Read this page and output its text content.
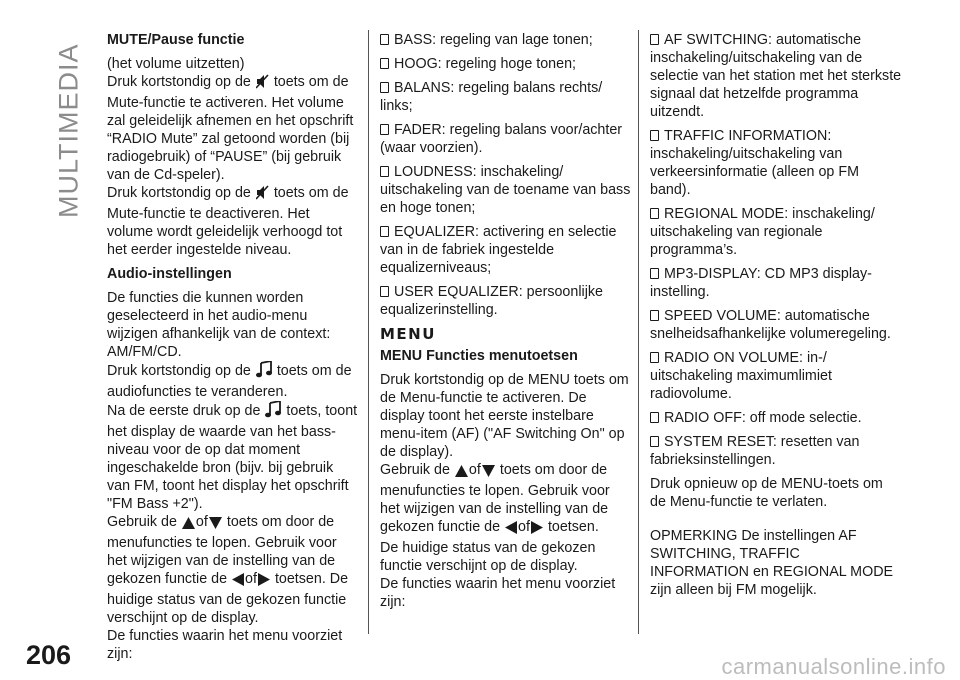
MULTIMEDIA
MUTE/Pause functie

(het volume uitzetten)

Druk kortstondig op de toets om de Mute-functie te activeren. Het volume zal geleidelijk afnemen en het opschrift “RADIO Mute” zal getoond worden (bij radiogebruik) of “PAUSE” (bij gebruik van de Cd-speler).

Druk kortstondig op de toets om de Mute-functie te deactiveren. Het volume wordt geleidelijk verhoogd tot het eerder ingestelde niveau.

Audio-instellingen

De functies die kunnen worden geselecteerd in het audio-menu wijzigen afhankelijk van de context: AM/FM/CD.

Druk kortstondig op de toets om de audiofuncties te veranderen.

Na de eerste druk op de toets, toont het display de waarde van het bass-niveau voor de op dat moment ingeschakelde bron (bijv. bij gebruik van FM, toont het display het opschrift "FM Bass +2").

Gebruik de of toets om door de menufuncties te lopen. Gebruik voor het wijzigen van de instelling van de gekozen functie de of toetsen. De huidige status van de gekozen functie verschijnt op de display.

De functies waarin het menu voorziet zijn:

BASS: regeling van lage tonen;

HOOG: regeling hoge tonen;

BALANS: regeling balans rechts/ links;

FADER: regeling balans voor/achter (waar voorzien).

LOUDNESS: inschakeling/ uitschakeling van de toename van bass en hoge tonen;

EQUALIZER: activering en selectie van in de fabriek ingestelde equalizerniveaus;

USER EQUALIZER: persoonlijke equalizerinstelling.

MENU
MENU Functies menutoetsen

Druk kortstondig op de MENU toets om de Menu-functie te activeren. De display toont het eerste instelbare menu-item (AF) ("AF Switching On" op de display).

Gebruik de of toets om door de menufuncties te lopen. Gebruik voor het wijzigen van de instelling van de gekozen functie de of toetsen.

De huidige status van de gekozen functie verschijnt op de display.

De functies waarin het menu voorziet zijn:

AF SWITCHING: automatische inschakeling/uitschakeling van de selectie van het station met het sterkste signaal dat hetzelfde programma uitzendt.

TRAFFIC INFORMATION: inschakeling/uitschakeling van verkeersinformatie (alleen op FM band).

REGIONAL MODE: inschakeling/ uitschakeling van regionale programma’s.

MP3-DISPLAY: CD MP3 display-instelling.

SPEED VOLUME: automatische snelheidsafhankelijke volumeregeling.

RADIO ON VOLUME: in-/ uitschakeling maximumlimiet radiovolume.

RADIO OFF: off mode selectie.

SYSTEM RESET: resetten van fabrieksinstellingen.

Druk opnieuw op de MENU-toets om de Menu-functie te verlaten.

OPMERKING De instellingen AF SWITCHING, TRAFFIC INFORMATION en REGIONAL MODE zijn alleen bij FM mogelijk.

206	carmanualsonline.info
